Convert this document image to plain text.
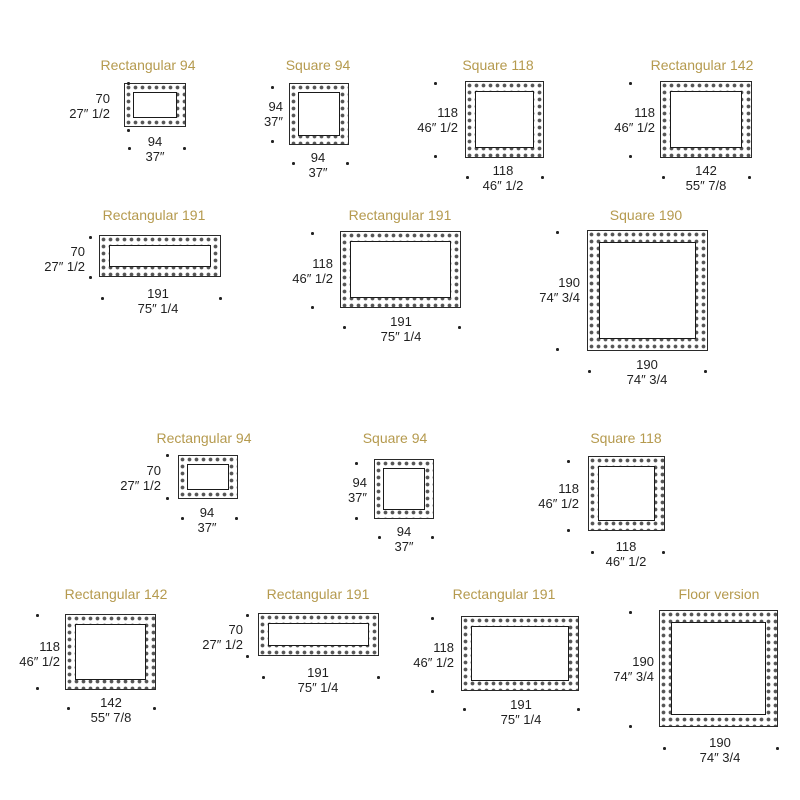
Rectangular 94
94
37″
70
27″ 1/2
Square 94
94
37″
94
37″
Square 118
118
46″ 1/2
118
46″ 1/2
Rectangular 142
142
55″ 7/8
118
46″ 1/2
Rectangular 191
191
75″ 1/4
70
27″ 1/2
Rectangular 191
191
75″ 1/4
118
46″ 1/2
Square 190
190
74″ 3/4
190
74″ 3/4
Rectangular 94
94
37″
70
27″ 1/2
Square 94
94
37″
94
37″
Square 118
118
46″ 1/2
118
46″ 1/2
Rectangular 142
142
55″ 7/8
118
46″ 1/2
Rectangular 191
191
75″ 1/4
70
27″ 1/2
Rectangular 191
191
75″ 1/4
118
46″ 1/2
Floor version
190
74″ 3/4
190
74″ 3/4
